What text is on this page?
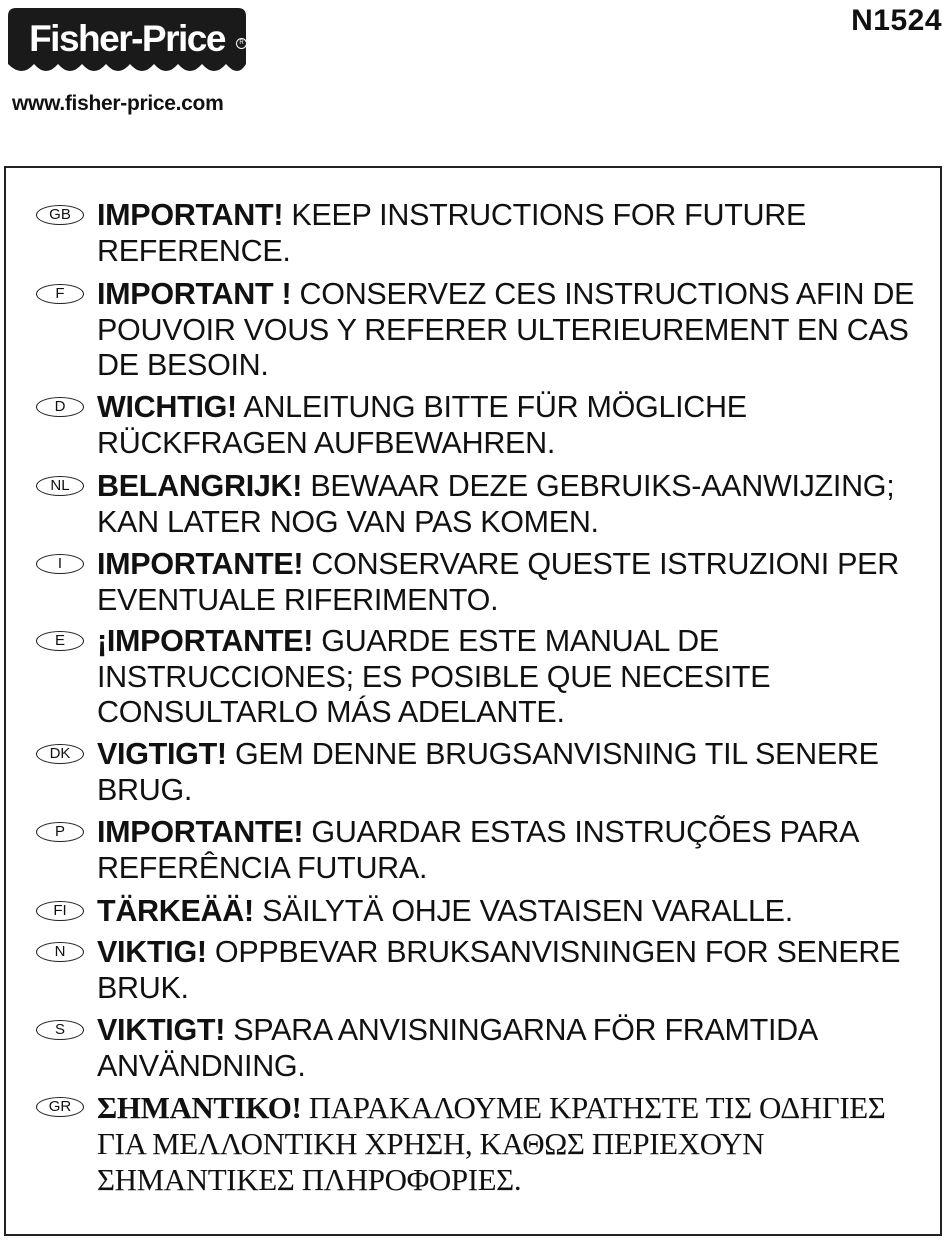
Fisher-Price	R
www.fisher-price.com
N1524
GB IMPORTANT! KEEP INSTRUCTIONS FOR FUTURE REFERENCE.
F	IMPORTANT ! CONSERVEZ CES INSTRUCTIONS AFIN DE POUVOIR VOUS Y REFERER ULTERIEUREMENT EN CAS DE BESOIN.
D	WICHTIG! ANLEITUNG BITTE FÜR MÖGLICHE RÜCKFRAGEN AUFBEWAHREN.
NL BELANGRIJK! BEWAAR DEZE GEBRUIKS-AANWIJZING; KAN LATER NOG VAN PAS KOMEN.
I	IMPORTANTE! CONSERVARE QUESTE ISTRUZIONI PER EVENTUALE RIFERIMENTO.
E	¡IMPORTANTE! GUARDE ESTE MANUAL DE INSTRUCCIONES; ES POSIBLE QUE NECESITE CONSULTARLO MÁS ADELANTE.
DK VIGTIGT! GEM DENNE BRUGSANVISNING TIL SENERE BRUG.
P	IMPORTANTE! GUARDAR ESTAS INSTRUÇÕES PARA REFERÊNCIA FUTURA.
FI TÄRKEÄÄ! SÄILYTÄ OHJE VASTAISEN VARALLE.
N	VIKTIG! OPPBEVAR BRUKSANVISNINGEN FOR SENERE BRUK.
S	VIKTIGT! SPARA ANVISNINGARNA FÖR FRAMTIDA ANVÄNDNING.
GR ΣΗΜΑΝΤΙΚΟ! ΠΑΡΑΚΑΛΟΥΜΕ ΚΡΑΤΗΣΤΕ ΤΙΣ ΟΔΗΓΙΕΣ ΓΙΑ ΜΕΛΛΟΝΤΙΚΗ ΧΡΗΣΗ, ΚΑΘΩΣ ΠΕΡΙΕΧΟΥΝ ΣΗΜΑΝΤΙΚΕΣ ΠΛΗΡΟΦΟΡΙΕΣ.
